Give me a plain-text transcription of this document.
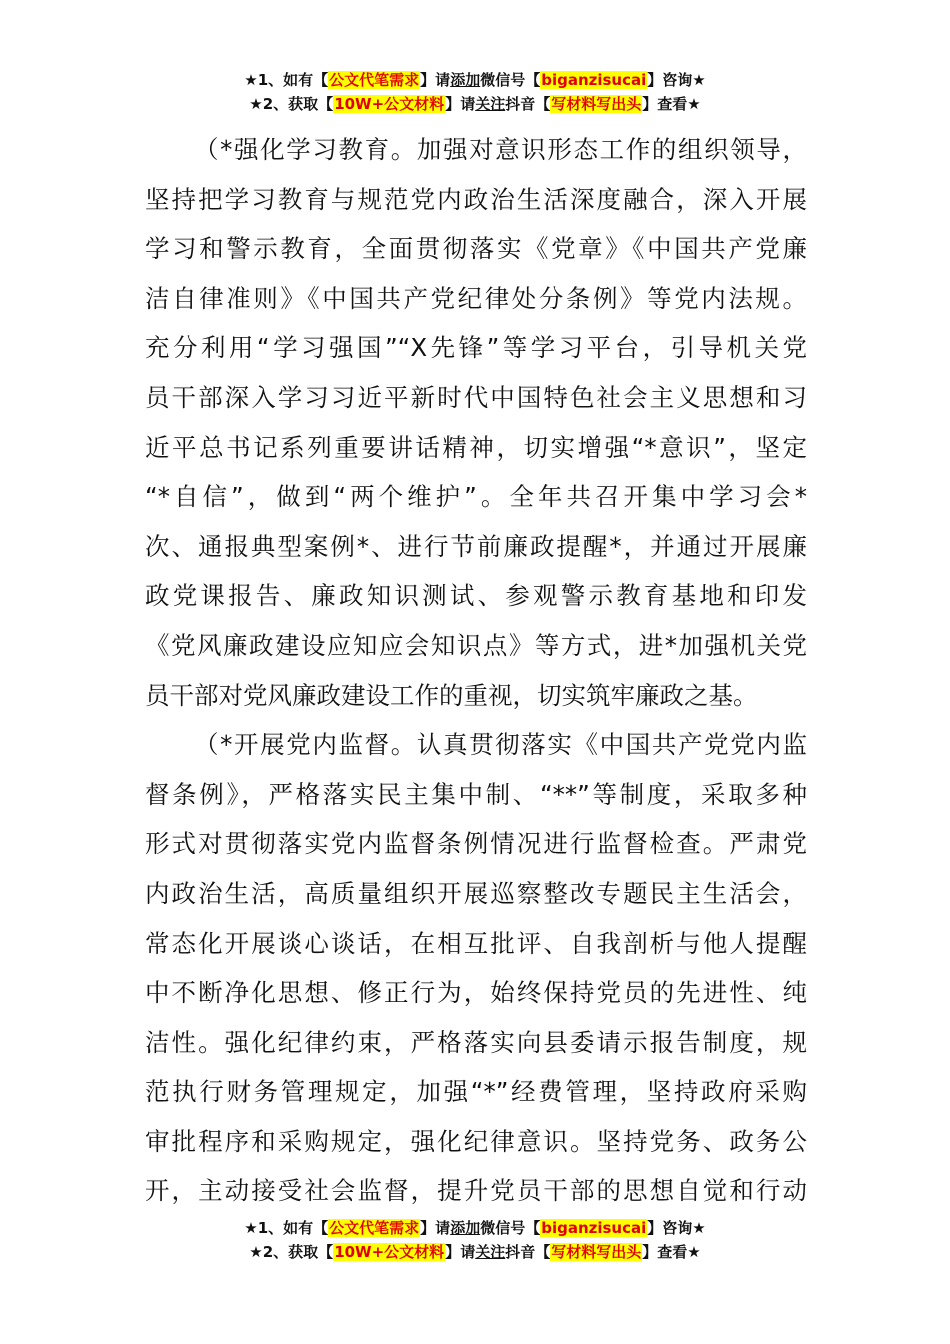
★1、如有【公文代笔需求】请添加微信号【biganzisucai】咨询★
★2、获取【10W+公文材料】请关注抖音【写材料写出头】查看★
（*强化学习教育。加强对意识形态工作的组织领导，
坚持把学习教育与规范党内政治生活深度融合，深入开展
学习和警示教育，全面贯彻落实《党章》《中国共产党廉
洁自律准则》《中国共产党纪律处分条例》等党内法规。
充分利用“学习强国”“X先锋”等学习平台，引导机关党
员干部深入学习习近平新时代中国特色社会主义思想和习
近平总书记系列重要讲话精神，切实增强“*意识”，坚定
“*自信”，做到“两个维护”。全年共召开集中学习会*
次、通报典型案例*、进行节前廉政提醒*，并通过开展廉
政党课报告、廉政知识测试、参观警示教育基地和印发
《党风廉政建设应知应会知识点》等方式，进*加强机关党
员干部对党风廉政建设工作的重视，切实筑牢廉政之基。
（*开展党内监督。认真贯彻落实《中国共产党党内监
督条例》，严格落实民主集中制、“**”等制度，采取多种
形式对贯彻落实党内监督条例情况进行监督检查。严肃党
内政治生活，高质量组织开展巡察整改专题民主生活会，
常态化开展谈心谈话，在相互批评、自我剖析与他人提醒
中不断净化思想、修正行为，始终保持党员的先进性、纯
洁性。强化纪律约束，严格落实向县委请示报告制度，规
范执行财务管理规定，加强“*”经费管理，坚持政府采购
审批程序和采购规定，强化纪律意识。坚持党务、政务公
开，主动接受社会监督，提升党员干部的思想自觉和行动
★1、如有【公文代笔需求】请添加微信号【biganzisucai】咨询★
★2、获取【10W+公文材料】请关注抖音【写材料写出头】查看★
